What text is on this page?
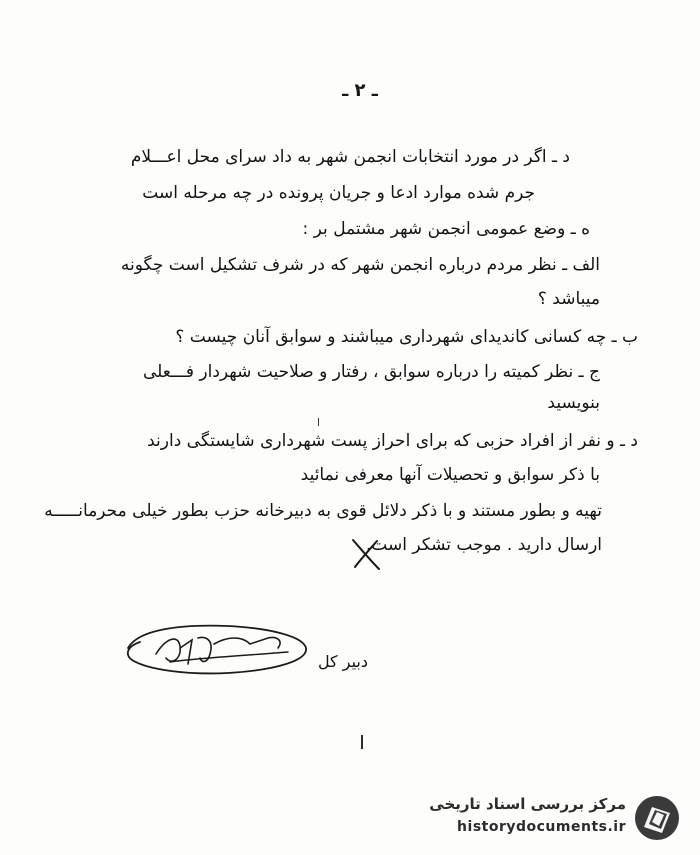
ـ ۲ ـ
د ـ اگر در مورد انتخابات انجمن شهر به داد سرای محل اعـــلام
جرم شده موارد ادعا و جریان پرونده در چه مرحله است
ه ـ وضع عمومی انجمن شهر مشتمل بر :
الف ـ نظر مردم درباره انجمن شهر که در شرف تشکیل است چگونه
میباشد ؟
ب ـ چه کسانی کاندیدای شهرداری میباشند و سوابق آنان چیست ؟
ج ـ نظر کمیته را درباره سوابق ، رفتار و صلاحیت شهردار فـــعلی
بنویسید
د ـ و نفر از افراد حزبی که برای احراز پست شهرداری شایستگی دارند
با ذکر سوابق و تحصیلات آنها معرفی نمائید
تهیه و بطور مستند و با ذکر دلائل قوی به دبیرخانه حزب بطور خیلی محرمانـــــه
ارسال دارید . موجب تشکر است.
دبیر کل
مرکز بررسی اسناد تاریخی
historydocuments.ir
